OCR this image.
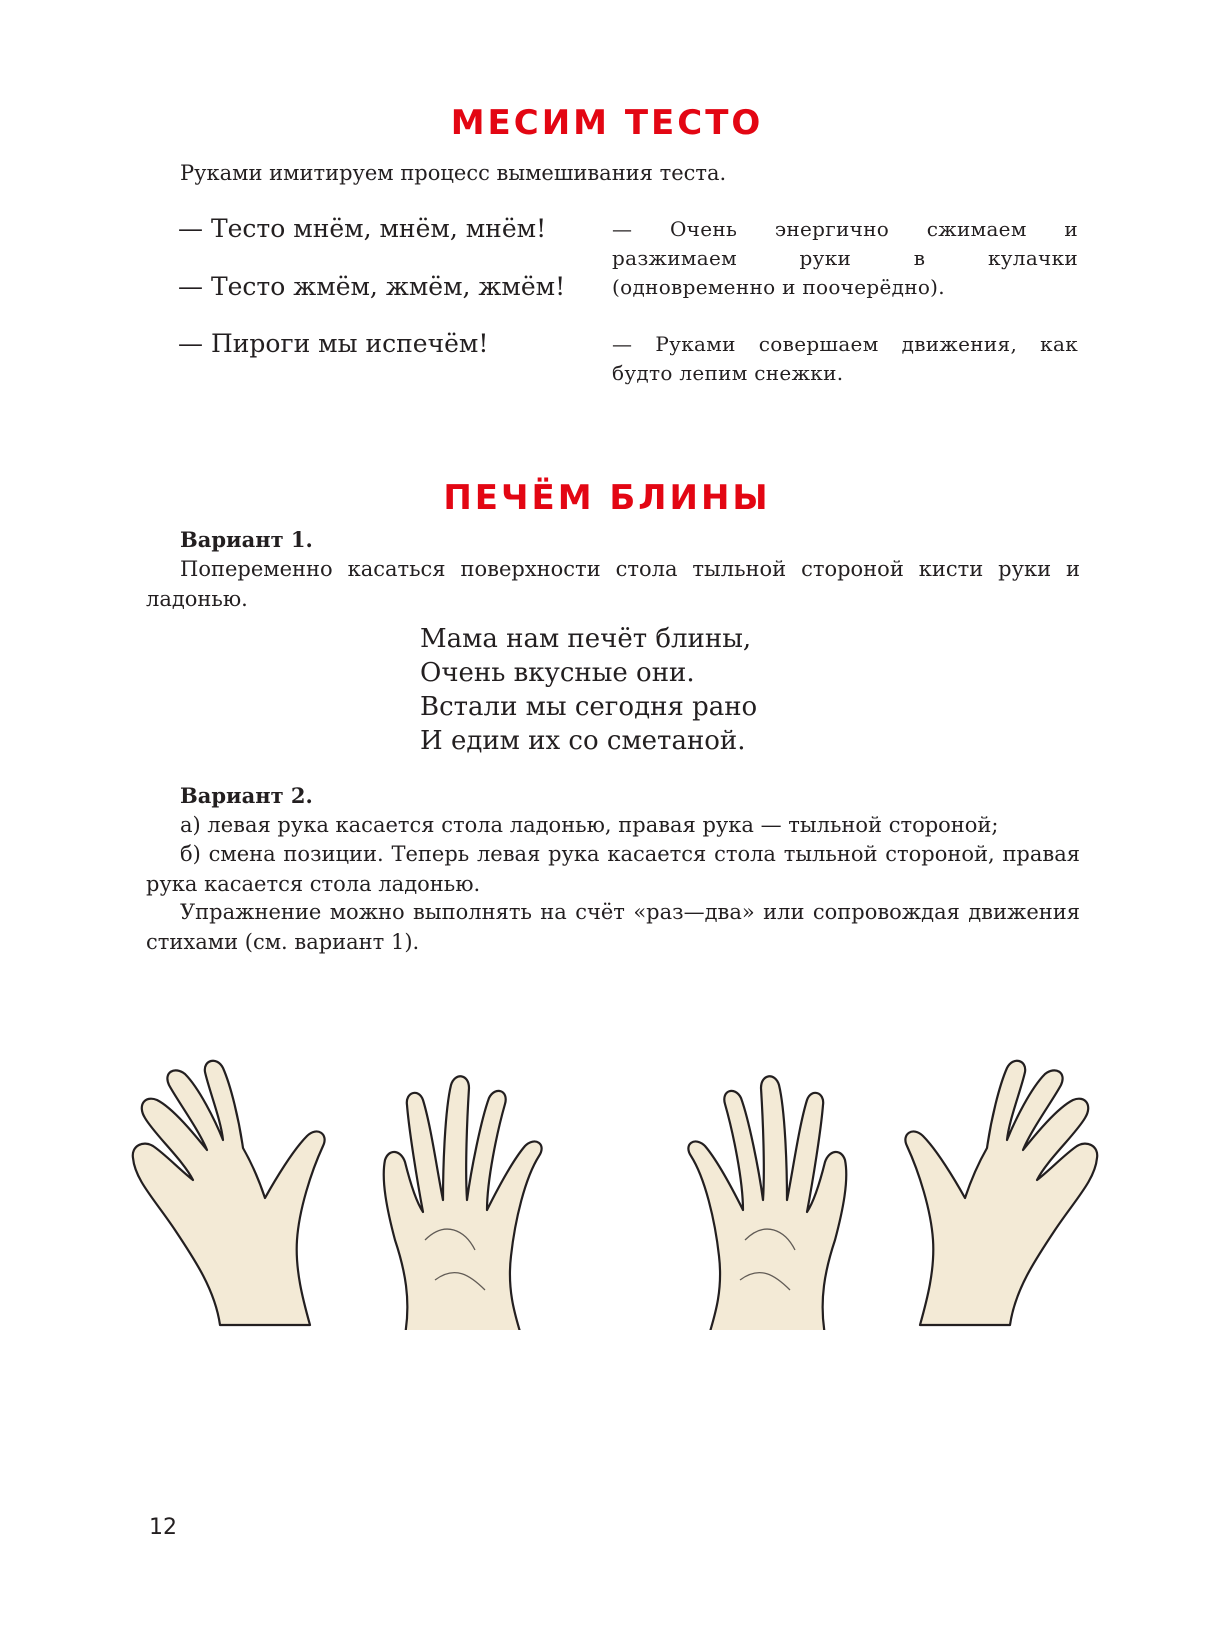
МЕСИМ ТЕСТО

Руками имитируем процесс вымешивания теста.

— Тесто мнём, мнём, мнём!

— Тесто жмём, жмём, жмём!

— Пироги мы испечём!

— Очень энергично сжимаем и разжимаем руки в кулачки (одновременно и поочерёдно).

— Руками совершаем движения, как будто лепим снежки.

ПЕЧЁМ БЛИНЫ

Вариант 1.

Попеременно касаться поверхности стола тыльной стороной кисти руки и ладонью.

Мама нам печёт блины,
Очень вкусные они.
Встали мы сегодня рано
И едим их со сметаной.

Вариант 2.

а) левая рука касается стола ладонью, правая рука — тыльной стороной;

б) смена позиции. Теперь левая рука касается стола тыльной стороной, правая рука касается стола ладонью.

Упражнение можно выполнять на счёт «раз—два» или сопровождая движения стихами (см. вариант 1).

12
